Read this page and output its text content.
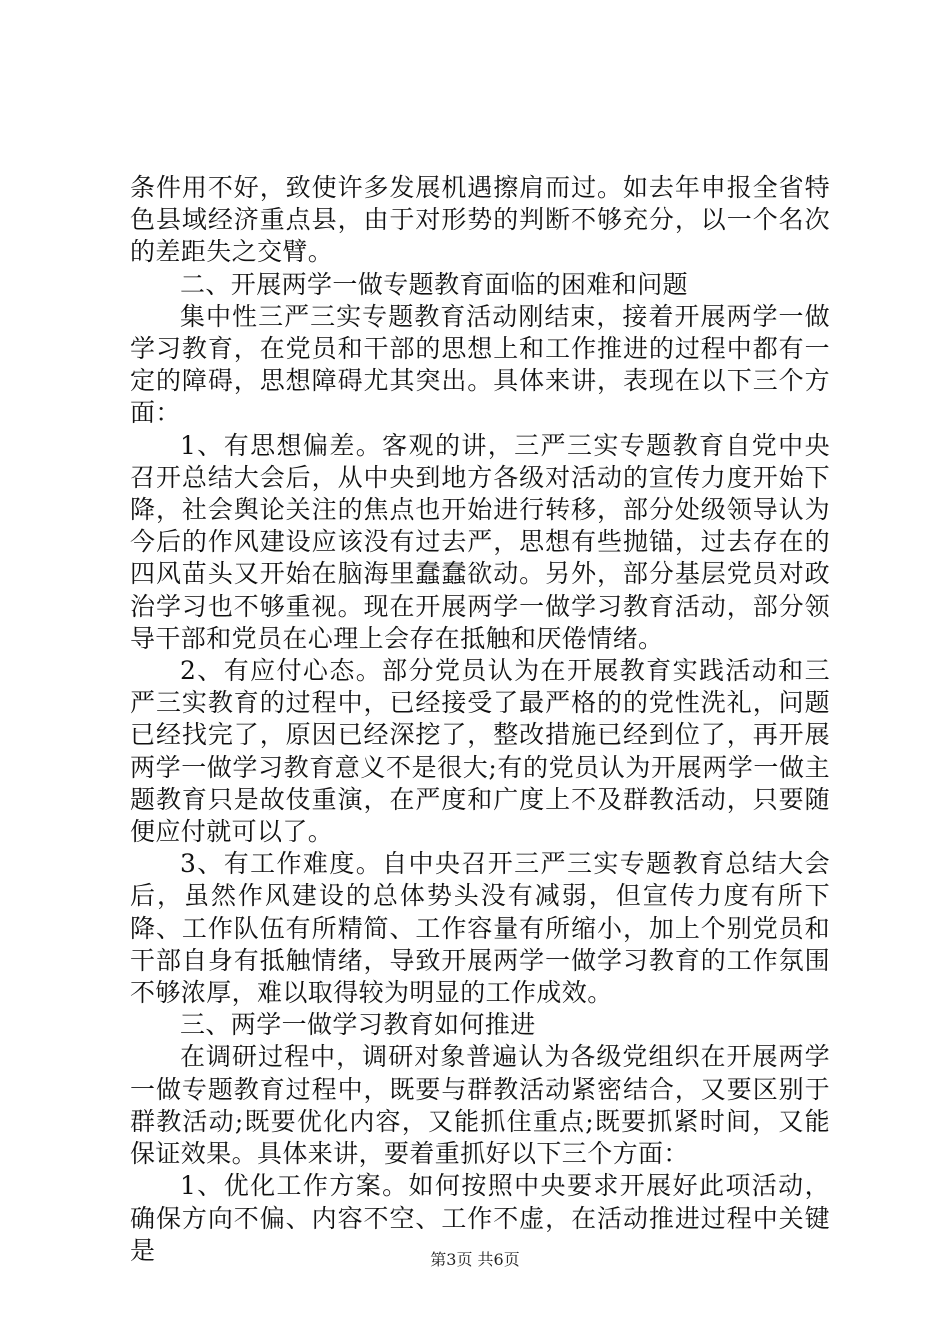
条件用不好，致使许多发展机遇擦肩而过。如去年申报全省特色县域经济重点县，由于对形势的判断不够充分，以一个名次的差距失之交臂。

二、开展两学一做专题教育面临的困难和问题

集中性三严三实专题教育活动刚结束，接着开展两学一做学习教育，在党员和干部的思想上和工作推进的过程中都有一定的障碍，思想障碍尤其突出。具体来讲，表现在以下三个方面：

1、有思想偏差。客观的讲，三严三实专题教育自党中央召开总结大会后，从中央到地方各级对活动的宣传力度开始下降，社会舆论关注的焦点也开始进行转移，部分处级领导认为今后的作风建设应该没有过去严，思想有些抛锚，过去存在的四风苗头又开始在脑海里蠢蠢欲动。另外，部分基层党员对政治学习也不够重视。现在开展两学一做学习教育活动，部分领导干部和党员在心理上会存在抵触和厌倦情绪。

2、有应付心态。部分党员认为在开展教育实践活动和三严三实教育的过程中，已经接受了最严格的的党性洗礼，问题已经找完了，原因已经深挖了，整改措施已经到位了，再开展两学一做学习教育意义不是很大;有的党员认为开展两学一做主题教育只是故伎重演，在严度和广度上不及群教活动，只要随便应付就可以了。

3、有工作难度。自中央召开三严三实专题教育总结大会后，虽然作风建设的总体势头没有减弱，但宣传力度有所下降、工作队伍有所精简、工作容量有所缩小，加上个别党员和干部自身有抵触情绪，导致开展两学一做学习教育的工作氛围不够浓厚，难以取得较为明显的工作成效。

三、两学一做学习教育如何推进

在调研过程中，调研对象普遍认为各级党组织在开展两学一做专题教育过程中，既要与群教活动紧密结合，又要区别于群教活动;既要优化内容，又能抓住重点;既要抓紧时间，又能保证效果。具体来讲，要着重抓好以下三个方面：

1、优化工作方案。如何按照中央要求开展好此项活动，确保方向不偏、内容不空、工作不虚，在活动推进过程中关键是	第3页 共6页
